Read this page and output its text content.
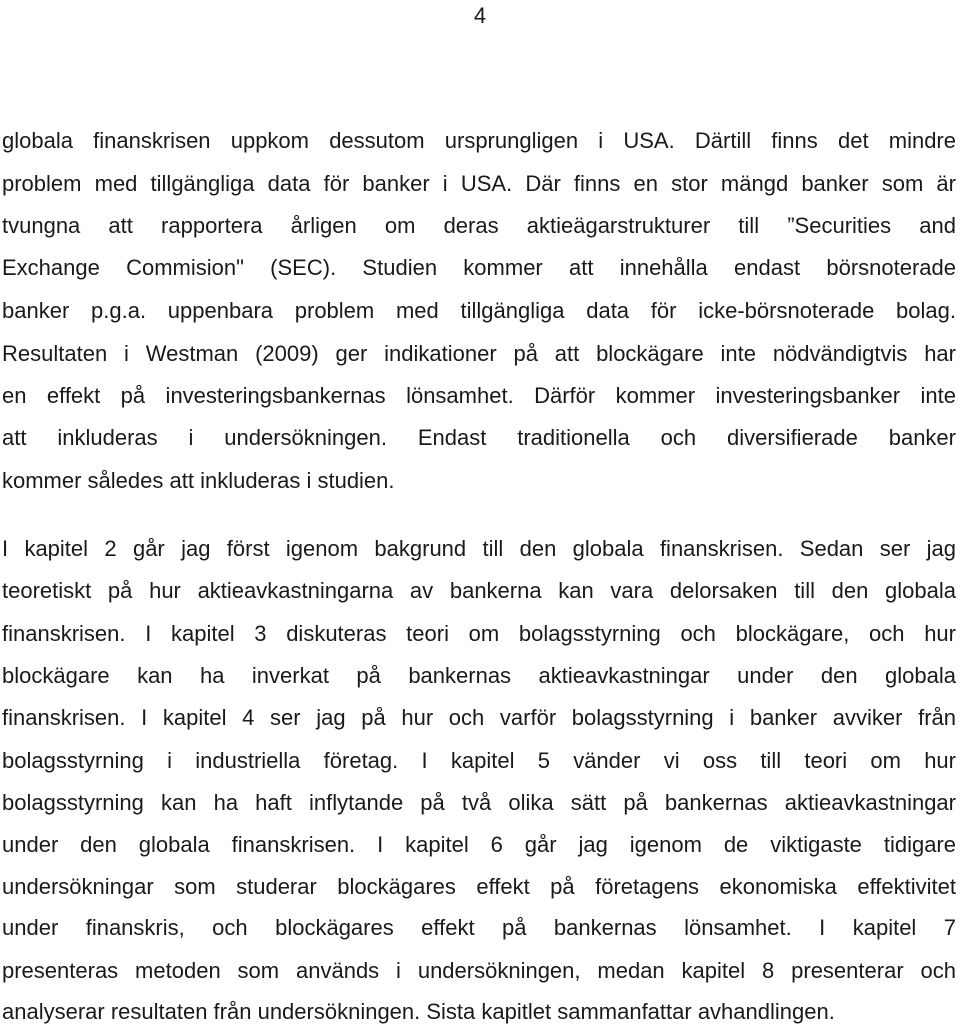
4
globala finanskrisen uppkom dessutom ursprungligen i USA. Därtill finns det mindre
problem med tillgängliga data för banker i USA. Där finns en stor mängd banker som är
tvungna att rapportera årligen om deras aktieägarstrukturer till ”Securities and
Exchange Commision" (SEC). Studien kommer att innehålla endast börsnoterade
banker p.g.a. uppenbara problem med tillgängliga data för icke-börsnoterade bolag.
Resultaten i Westman (2009) ger indikationer på att blockägare inte nödvändigtvis har
en effekt på investeringsbankernas lönsamhet. Därför kommer investeringsbanker inte
att inkluderas i undersökningen. Endast traditionella och diversifierade banker
kommer således att inkluderas i studien.
I kapitel 2 går jag först igenom bakgrund till den globala finanskrisen. Sedan ser jag
teoretiskt på hur aktieavkastningarna av bankerna kan vara delorsaken till den globala
finanskrisen. I kapitel 3 diskuteras teori om bolagsstyrning och blockägare, och hur
blockägare kan ha inverkat på bankernas aktieavkastningar under den globala
finanskrisen. I kapitel 4 ser jag på hur och varför bolagsstyrning i banker avviker från
bolagsstyrning i industriella företag. I kapitel 5 vänder vi oss till teori om hur
bolagsstyrning kan ha haft inflytande på två olika sätt på bankernas aktieavkastningar
under den globala finanskrisen. I kapitel 6 går jag igenom de viktigaste tidigare
undersökningar som studerar blockägares effekt på företagens ekonomiska effektivitet
under finanskris, och blockägares effekt på bankernas lönsamhet. I kapitel 7
presenteras metoden som används i undersökningen, medan kapitel 8 presenterar och
analyserar resultaten från undersökningen. Sista kapitlet sammanfattar avhandlingen.
